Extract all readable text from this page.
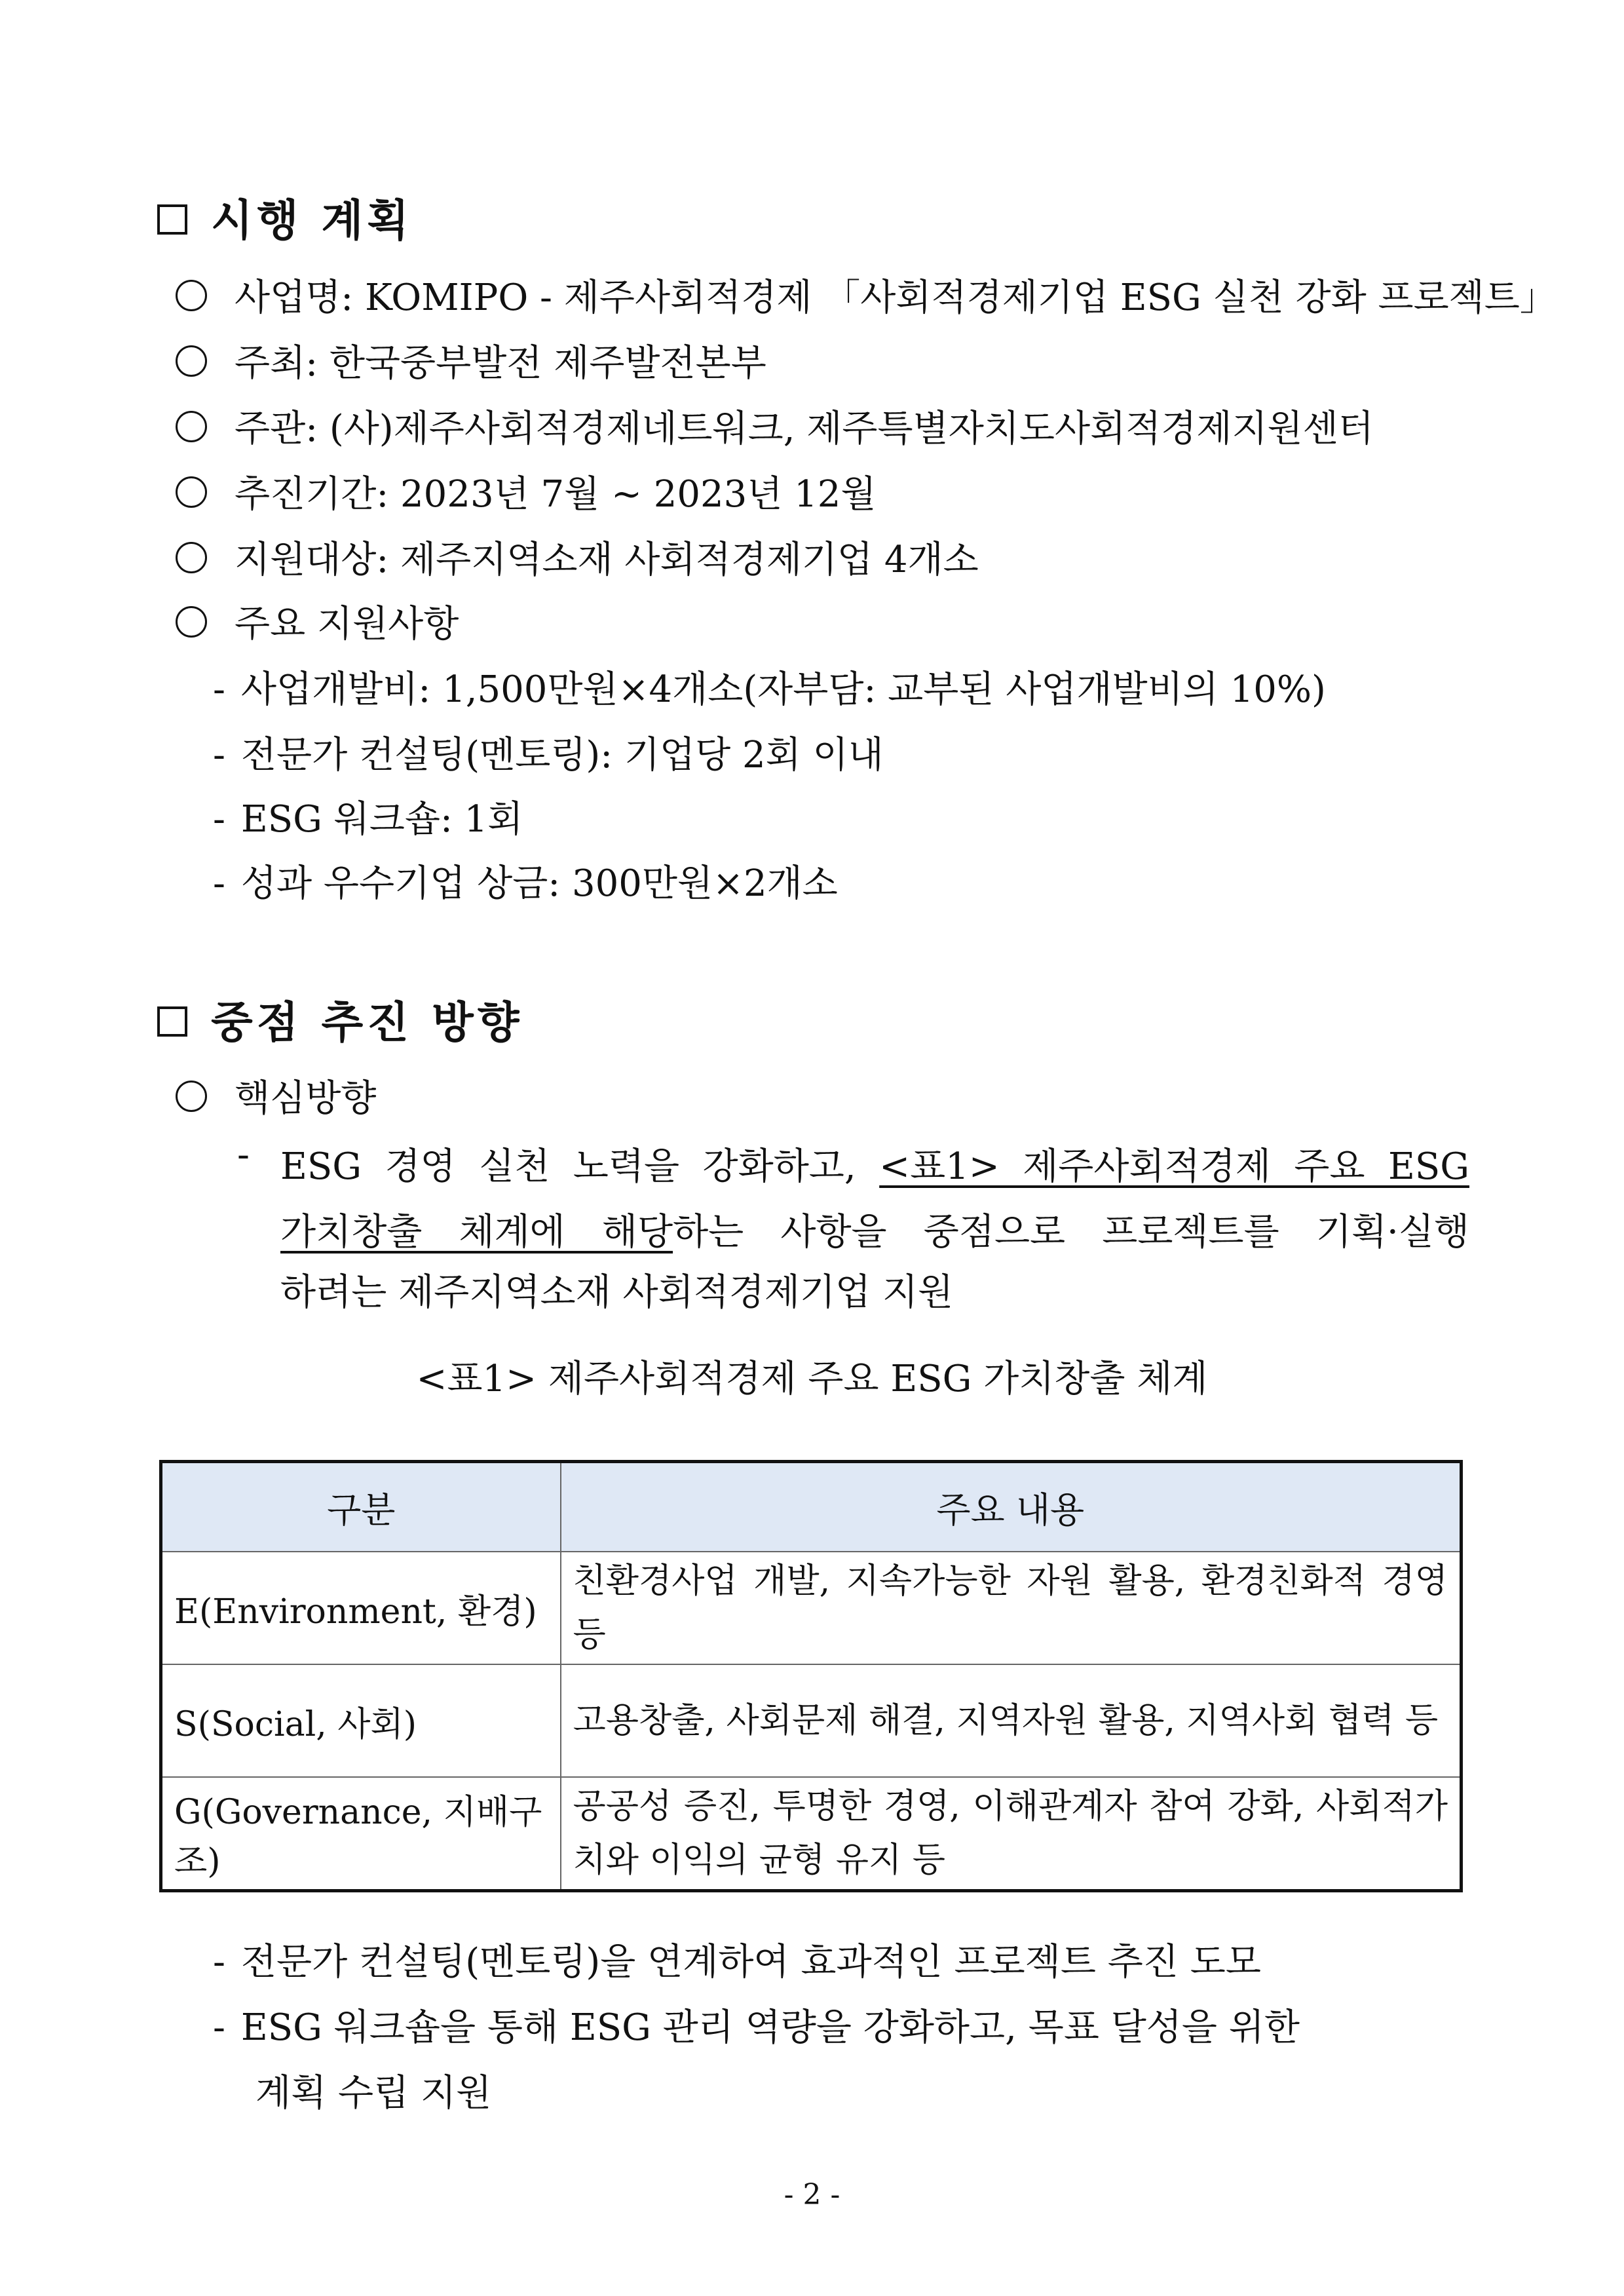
시행 계획
사업명: KOMIPO - 제주사회적경제 「사회적경제기업 ESG 실천 강화 프로젝트」
주최: 한국중부발전 제주발전본부
주관: (사)제주사회적경제네트워크, 제주특별자치도사회적경제지원센터
추진기간: 2023년 7월 ~ 2023년 12월
지원대상: 제주지역소재 사회적경제기업 4개소
주요 지원사항
- 사업개발비: 1,500만원×4개소(자부담: 교부된 사업개발비의 10%)
- 전문가 컨설팅(멘토링): 기업당 2회 이내
- ESG 워크숍: 1회
- 성과 우수기업 상금: 300만원×2개소
중점 추진 방향
핵심방향
- ESG 경영 실천 노력을 강화하고, <표1> 제주사회적경제 주요 ESG
가치창출 체계에 해당하는 사항을 중점으로 프로젝트를 기획·실행
하려는 제주지역소재 사회적경제기업 지원
<표1> 제주사회적경제 주요 ESG 가치창출 체계
구분	주요 내용
E(Environment, 환경)	친환경사업 개발, 지속가능한 자원 활용, 환경친화적 경영 등
S(Social, 사회)	고용창출, 사회문제 해결, 지역자원 활용, 지역사회 협력 등
G(Governance, 지배구조)	공공성 증진, 투명한 경영, 이해관계자 참여 강화, 사회적가치와 이익의 균형 유지 등
- 전문가 컨설팅(멘토링)을 연계하여 효과적인 프로젝트 추진 도모
- ESG 워크숍을 통해 ESG 관리 역량을 강화하고, 목표 달성을 위한
계획 수립 지원
- 2 -
